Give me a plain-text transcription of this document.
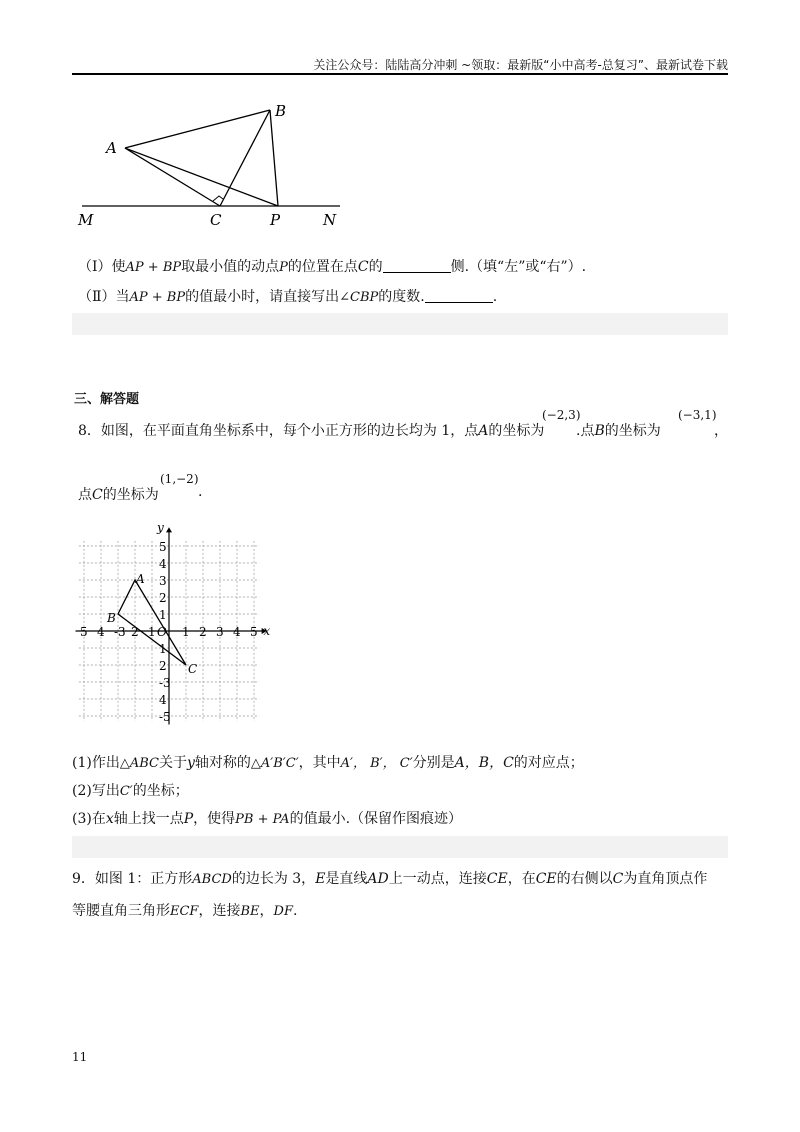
关注公众号：陆陆高分冲刺 ~领取：最新版“小中高考-总复习”、最新试卷下载
A
B
M	C	P	N
（Ⅰ）使AP + BP取最小值的动点P的位置在点C的	侧.（填“左”或“右”）.
（Ⅱ）当AP + BP的值最小时，请直接写出∠CBP的度数.	.
三、解答题
8．如图，在平面直角坐标系中，每个小正方形的边长均为 1，点A的坐标为
(−2,3)
.点B的坐标为
(−3,1)
，
点C的坐标为
(1,−2)
.
x
y
5 4 -3 2 1 1 2 3 4 5
5
4
3
2
1
1
2
-3
4
-5
O
A
B
C
(1)作出△ABC关于y轴对称的△A′B′C′，其中A′， B′， C′分别是A，B，C的对应点；
(2)写出C′的坐标；
(3)在x轴上找一点P，使得PB + PA的值最小.（保留作图痕迹）
9．如图 1：正方形ABCD的边长为 3，E是直线AD上一动点，连接CE，在CE的右侧以C为直角顶点作
等腰直角三角形ECF，连接BE，DF.
11
